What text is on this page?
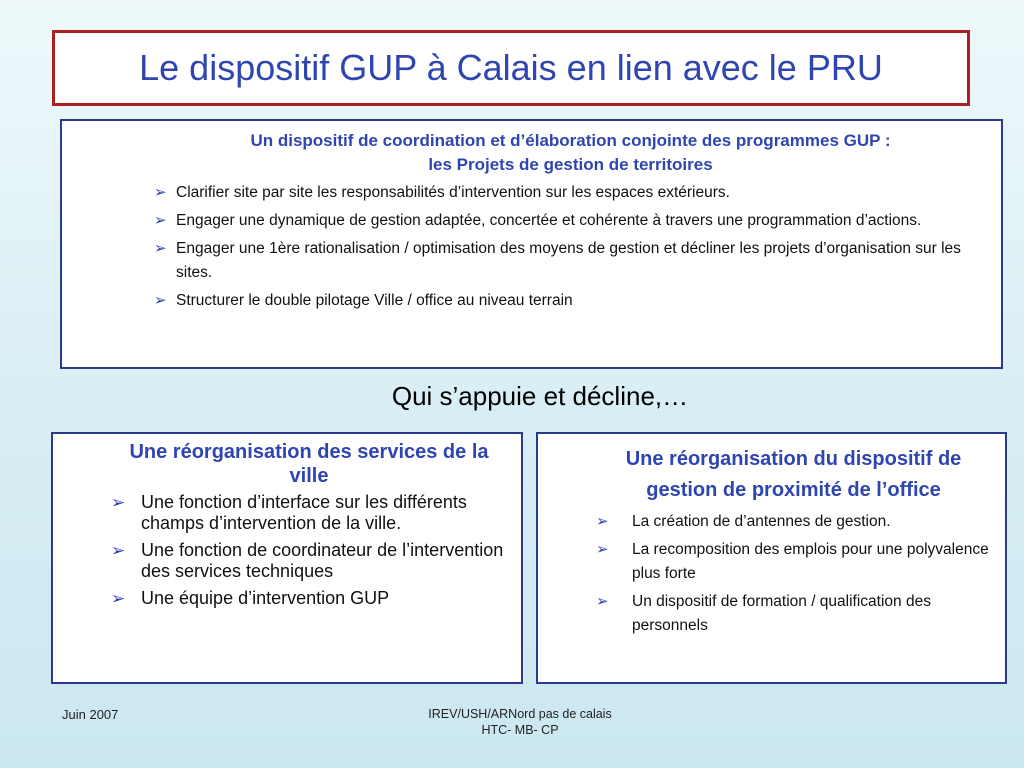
Le dispositif GUP à Calais en lien avec le PRU
Un dispositif de coordination et d’élaboration conjointe des programmes GUP :
les Projets de gestion de territoires
➢ Clarifier site par site les responsabilités d’intervention sur les espaces extérieurs.
➢ Engager une dynamique de gestion adaptée, concertée et cohérente à travers une programmation d’actions.
➢ Engager une 1ère rationalisation / optimisation des moyens de gestion et décliner les projets d’organisation sur les sites.
➢ Structurer le double pilotage Ville / office au niveau terrain
Qui s’appuie et décline,…
Une réorganisation des services de la ville
➢ Une fonction d’interface sur les différents champs d’intervention de la ville.
➢ Une fonction de coordinateur de l’intervention des services techniques
➢ Une équipe d’intervention GUP
Une réorganisation du dispositif de gestion de proximité de l’office
➢ La création de d’antennes de gestion.
➢ La recomposition des emplois pour une polyvalence plus forte
➢ Un dispositif de formation / qualification des personnels
Juin 2007	IREV/USH/ARNord pas de calais
HTC- MB- CP
